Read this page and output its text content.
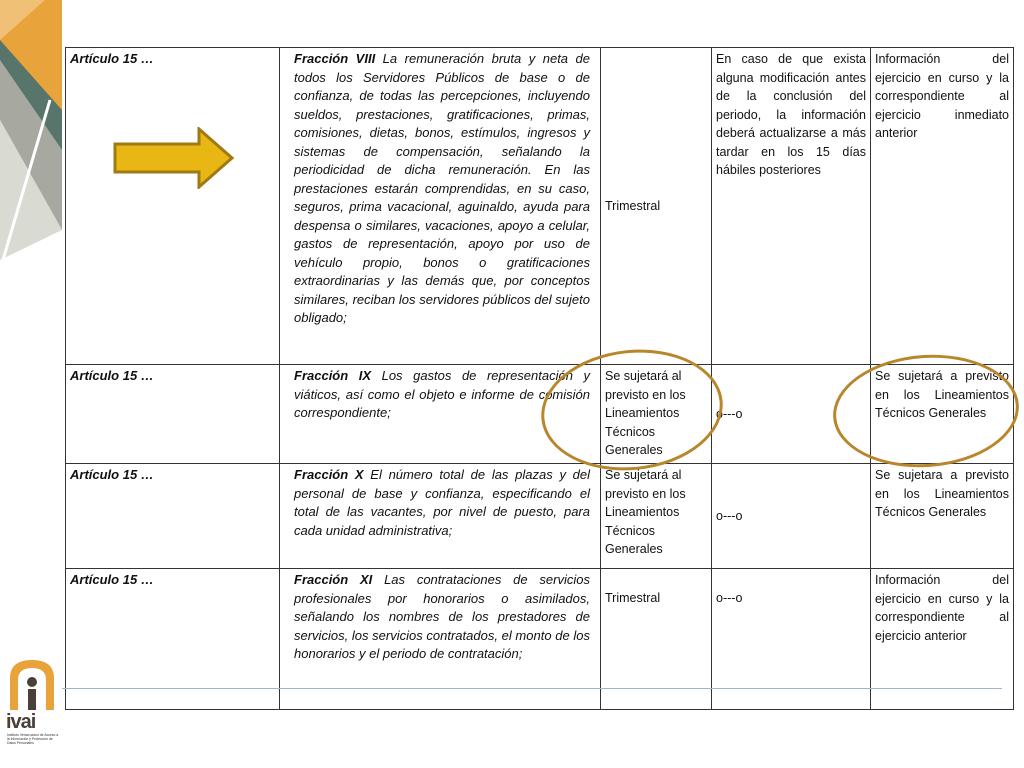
Artículo 15 …	Fracción VIII La remuneración bruta y neta de todos los Servidores Públicos de base o de confianza, de todas las percepciones, incluyendo sueldos, prestaciones, gratificaciones, primas, comisiones, dietas, bonos, estímulos, ingresos y sistemas de compensación, señalando la periodicidad de dicha remuneración. En las prestaciones estarán comprendidas, en su caso, seguros, prima vacacional, aguinaldo, ayuda para despensa o similares, vacaciones, apoyo a celular, gastos de representación, apoyo por uso de vehículo propio, bonos o gratificaciones extraordinarias y las demás que, por conceptos similares, reciban los servidores públicos del sujeto obligado;	Trimestral	En caso de que exista alguna modificación antes de la conclusión del periodo, la información deberá actualizarse a más tardar en los 15 días hábiles posteriores	Información del ejercicio en curso y la correspondiente al ejercicio inmediato anterior
Artículo 15 …	Fracción IX Los gastos de representación y viáticos, así como el objeto e informe de comisión correspondiente;	Se sujetará al previsto en los Lineamientos Técnicos Generales	o---o	Se sujetará a previsto en los Lineamientos Técnicos Generales
Artículo 15 …	Fracción X El número total de las plazas y del personal de base y confianza, especificando el total de las vacantes, por nivel de puesto, para cada unidad administrativa;	Se sujetará al previsto en los Lineamientos Técnicos Generales	o---o	Se sujetara a previsto en los Lineamientos Técnicos Generales
Artículo 15 …	Fracción XI Las contrataciones de servicios profesionales por honorarios o asimilados, señalando los nombres de los prestadores de servicios, los servicios contratados, el monto de los honorarios y el periodo de contratación;	Trimestral	o---o	Información del ejercicio en curso y la correspondiente al ejercicio anterior
ivai
Instituto Veracruzano de Acceso a la Información y Protección de Datos Personales
